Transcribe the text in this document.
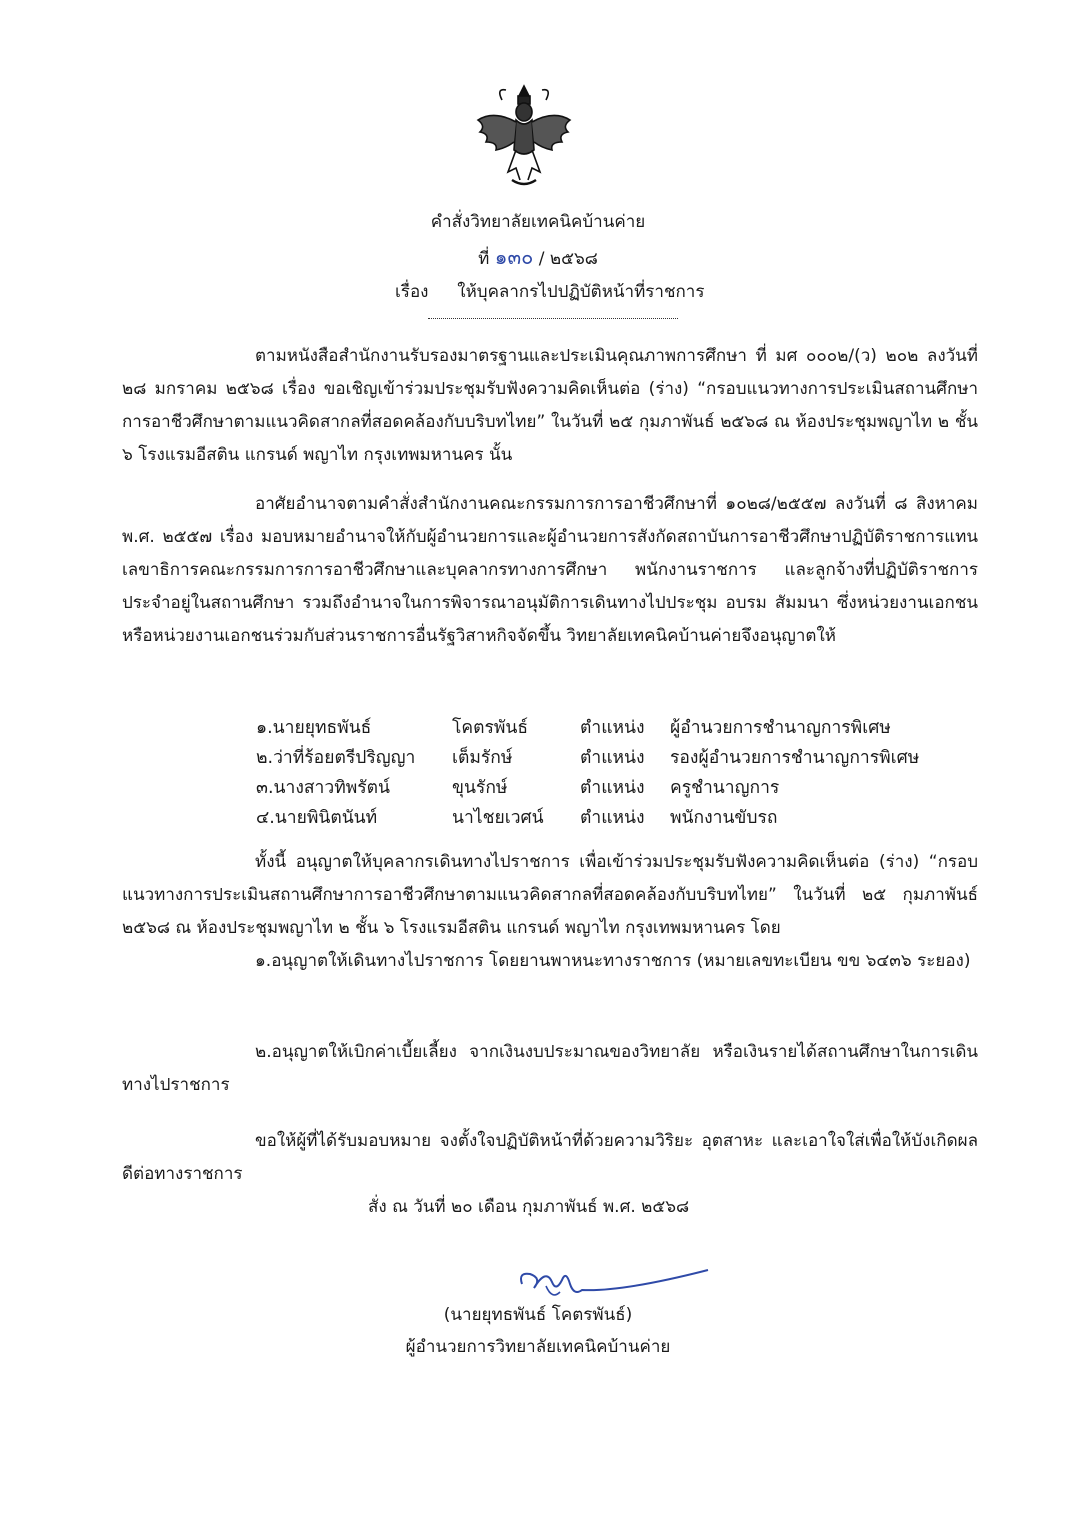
คำสั่งวิทยาลัยเทคนิคบ้านค่าย
ที่ ๑๓๐ / ๒๕๖๘
เรื่อง ให้บุคลากรไปปฏิบัติหน้าที่ราชการ

ตามหนังสือสำนักงานรับรองมาตรฐานและประเมินคุณภาพการศึกษา ที่ มศ ๐๐๐๒/(ว) ๒๐๒ ลงวันที่ ๒๘ มกราคม ๒๕๖๘ เรื่อง ขอเชิญเข้าร่วมประชุมรับฟังความคิดเห็นต่อ (ร่าง) “กรอบแนวทางการประเมินสถานศึกษาการอาชีวศึกษาตามแนวคิดสากลที่สอดคล้องกับบริบทไทย” ในวันที่ ๒๕ กุมภาพันธ์ ๒๕๖๘ ณ ห้องประชุมพญาไท ๒ ชั้น ๖ โรงแรมอีสติน แกรนด์ พญาไท กรุงเทพมหานคร นั้น

อาศัยอำนาจตามคำสั่งสำนักงานคณะกรรมการการอาชีวศึกษาที่ ๑๐๒๘/๒๕๕๗ ลงวันที่ ๘ สิงหาคม พ.ศ. ๒๕๕๗ เรื่อง มอบหมายอำนาจให้กับผู้อำนวยการและผู้อำนวยการสังกัดสถาบันการอาชีวศึกษาปฏิบัติราชการแทนเลขาธิการคณะกรรมการการอาชีวศึกษาและบุคลากรทางการศึกษา พนักงานราชการ และลูกจ้างที่ปฏิบัติราชการประจำอยู่ในสถานศึกษา รวมถึงอำนาจในการพิจารณาอนุมัติการเดินทางไปประชุม อบรม สัมมนา ซึ่งหน่วยงานเอกชนหรือหน่วยงานเอกชนร่วมกับส่วนราชการอื่นรัฐวิสาหกิจจัดขึ้น วิทยาลัยเทคนิคบ้านค่ายจึงอนุญาตให้

๑.นายยุทธพันธ์	โคตรพันธ์	ตำแหน่ง	ผู้อำนวยการชำนาญการพิเศษ
๒.ว่าที่ร้อยตรีปริญญา	เต็มรักษ์	ตำแหน่ง	รองผู้อำนวยการชำนาญการพิเศษ
๓.นางสาวทิพรัตน์	ขุนรักษ์	ตำแหน่ง	ครูชำนาญการ
๔.นายพินิตนันท์	นาไชยเวศน์	ตำแหน่ง	พนักงานขับรถ

ทั้งนี้ อนุญาตให้บุคลากรเดินทางไปราชการ เพื่อเข้าร่วมประชุมรับฟังความคิดเห็นต่อ (ร่าง) “กรอบแนวทางการประเมินสถานศึกษาการอาชีวศึกษาตามแนวคิดสากลที่สอดคล้องกับบริบทไทย” ในวันที่ ๒๕ กุมภาพันธ์ ๒๕๖๘ ณ ห้องประชุมพญาไท ๒ ชั้น ๖ โรงแรมอีสติน แกรนด์ พญาไท กรุงเทพมหานคร โดย

๑.อนุญาตให้เดินทางไปราชการ โดยยานพาหนะทางราชการ (หมายเลขทะเบียน ขข ๖๔๓๖ ระยอง)

๒.อนุญาตให้เบิกค่าเบี้ยเลี้ยง จากเงินงบประมาณของวิทยาลัย หรือเงินรายได้สถานศึกษาในการเดินทางไปราชการ

ขอให้ผู้ที่ได้รับมอบหมาย จงตั้งใจปฏิบัติหน้าที่ด้วยความวิริยะ อุตสาหะ และเอาใจใส่เพื่อให้บังเกิดผลดีต่อทางราชการ

สั่ง ณ วันที่ ๒๐ เดือน กุมภาพันธ์ พ.ศ. ๒๕๖๘
(นายยุทธพันธ์ โคตรพันธ์)
ผู้อำนวยการวิทยาลัยเทคนิคบ้านค่าย
